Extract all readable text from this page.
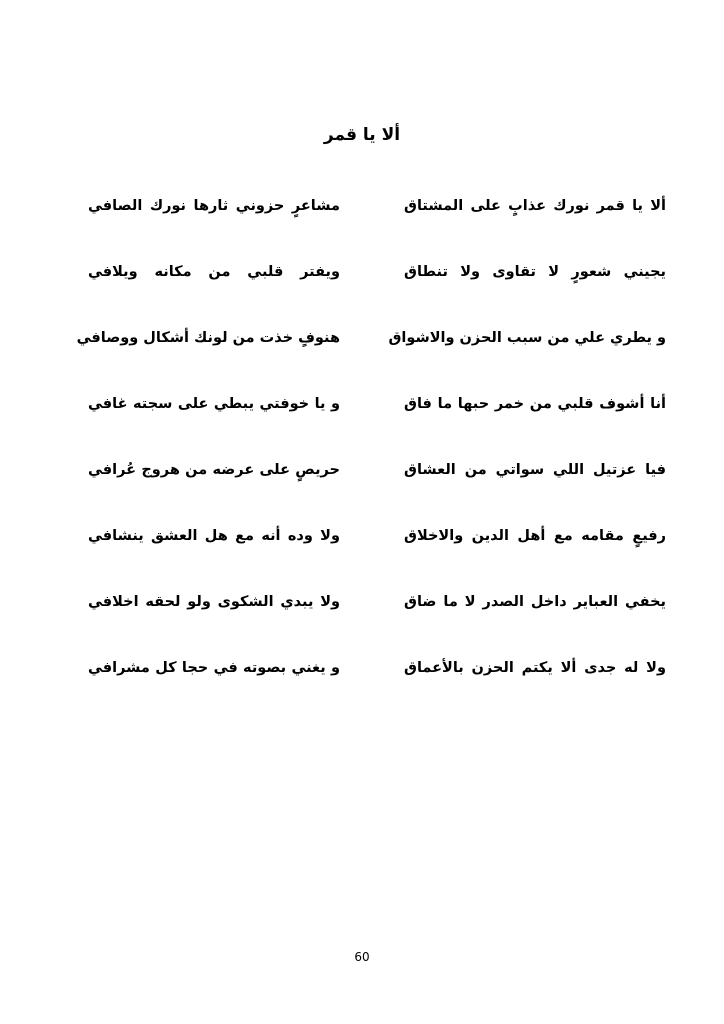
ألا يا قمر
ألا يا قمر نورك عذابٍ على المشتاق
مشاعرٍ حزوني ثارها نورك الصافي
يجيني شعورٍ لا تقاوى ولا تنطاق
ويفتر قلبي من مكانه ويلافي
و يطري علي من سبب الحزن والاشواق
هنوفٍ خذت من لونك أشكال ووصافي
أنا أشوف قلبي من خمر حبها ما فاق
و يا خوفتي يبطي على سجته غافي
فيا عزتيل اللي سواتي من العشاق
حريصٍ على عرضه من هروج عُرافي
رفيعٍ مقامه مع أهل الدين والاخلاق
ولا وده أنه مع هل العشق ينشافي
يخفي العباير داخل الصدر لا ما ضاق
ولا يبدي الشكوى ولو لحقه اخلافي
ولا له جدى ألا يكتم الحزن بالأعماق
و يغني بصوته في حجا كل مشرافي
60
